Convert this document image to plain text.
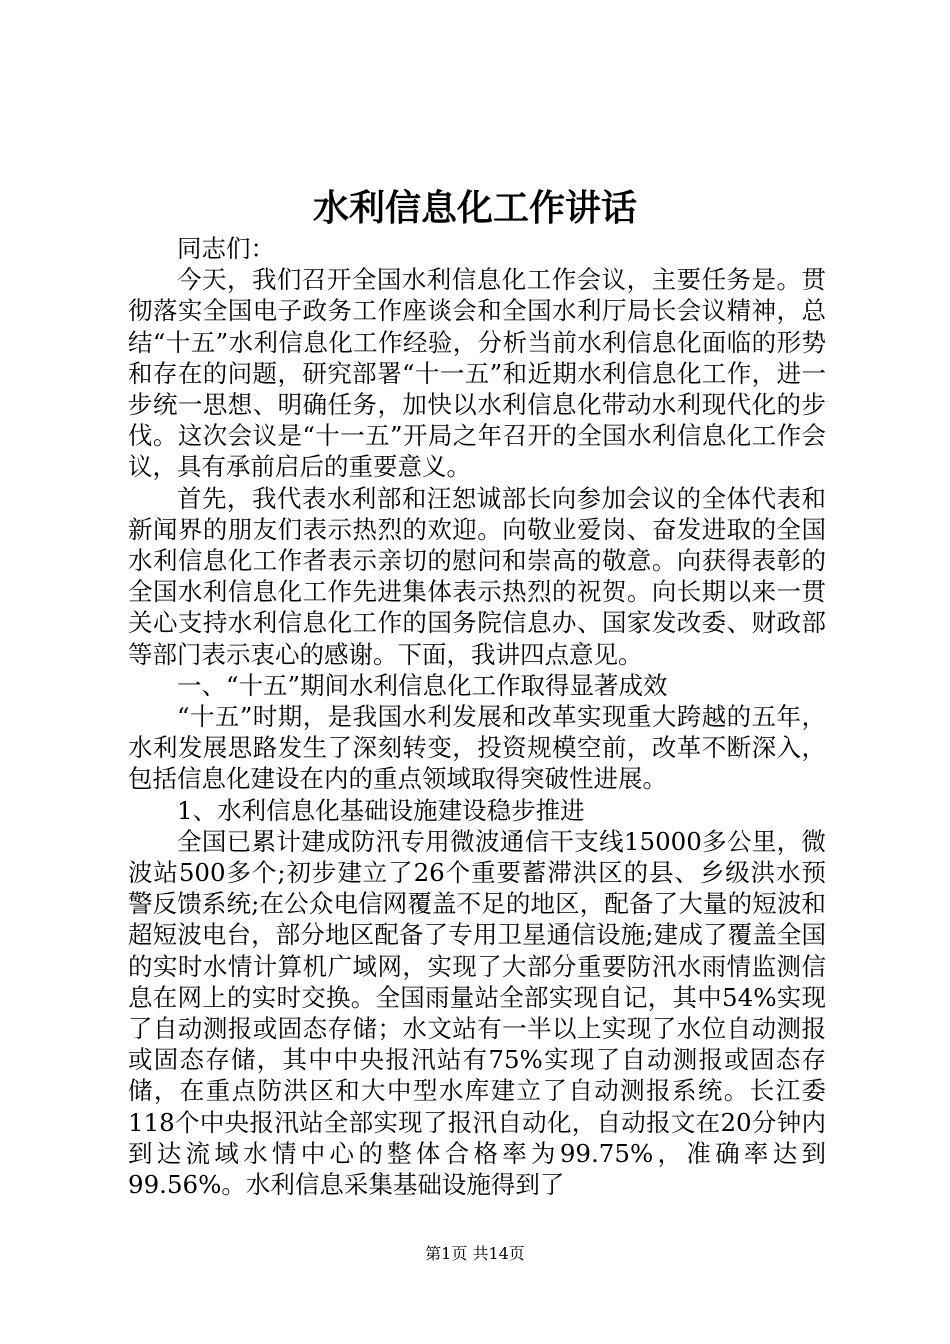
水利信息化工作讲话

同志们：

今天，我们召开全国水利信息化工作会议，主要任务是。贯彻落实全国电子政务工作座谈会和全国水利厅局长会议精神，总结“十五”水利信息化工作经验，分析当前水利信息化面临的形势和存在的问题，研究部署“十一五”和近期水利信息化工作，进一步统一思想、明确任务，加快以水利信息化带动水利现代化的步伐。这次会议是“十一五”开局之年召开的全国水利信息化工作会议，具有承前启后的重要意义。

首先，我代表水利部和汪恕诚部长向参加会议的全体代表和新闻界的朋友们表示热烈的欢迎。向敬业爱岗、奋发进取的全国水利信息化工作者表示亲切的慰问和崇高的敬意。向获得表彰的全国水利信息化工作先进集体表示热烈的祝贺。向长期以来一贯关心支持水利信息化工作的国务院信息办、国家发改委、财政部等部门表示衷心的感谢。下面，我讲四点意见。

一、“十五”期间水利信息化工作取得显著成效

“十五”时期，是我国水利发展和改革实现重大跨越的五年，水利发展思路发生了深刻转变，投资规模空前，改革不断深入，包括信息化建设在内的重点领域取得突破性进展。

1、水利信息化基础设施建设稳步推进

全国已累计建成防汛专用微波通信干支线15000多公里，微波站500多个;初步建立了26个重要蓄滞洪区的县、乡级洪水预警反馈系统;在公众电信网覆盖不足的地区，配备了大量的短波和超短波电台，部分地区配备了专用卫星通信设施;建成了覆盖全国的实时水情计算机广域网，实现了大部分重要防汛水雨情监测信息在网上的实时交换。全国雨量站全部实现自记，其中54%实现了自动测报或固态存储；水文站有一半以上实现了水位自动测报或固态存储，其中中央报汛站有75%实现了自动测报或固态存储，在重点防洪区和大中型水库建立了自动测报系统。长江委118个中央报汛站全部实现了报汛自动化，自动报文在20分钟内到达流域水情中心的整体合格率为99.75%，准确率达到99.56%。水利信息采集基础设施得到了

第1页 共14页
